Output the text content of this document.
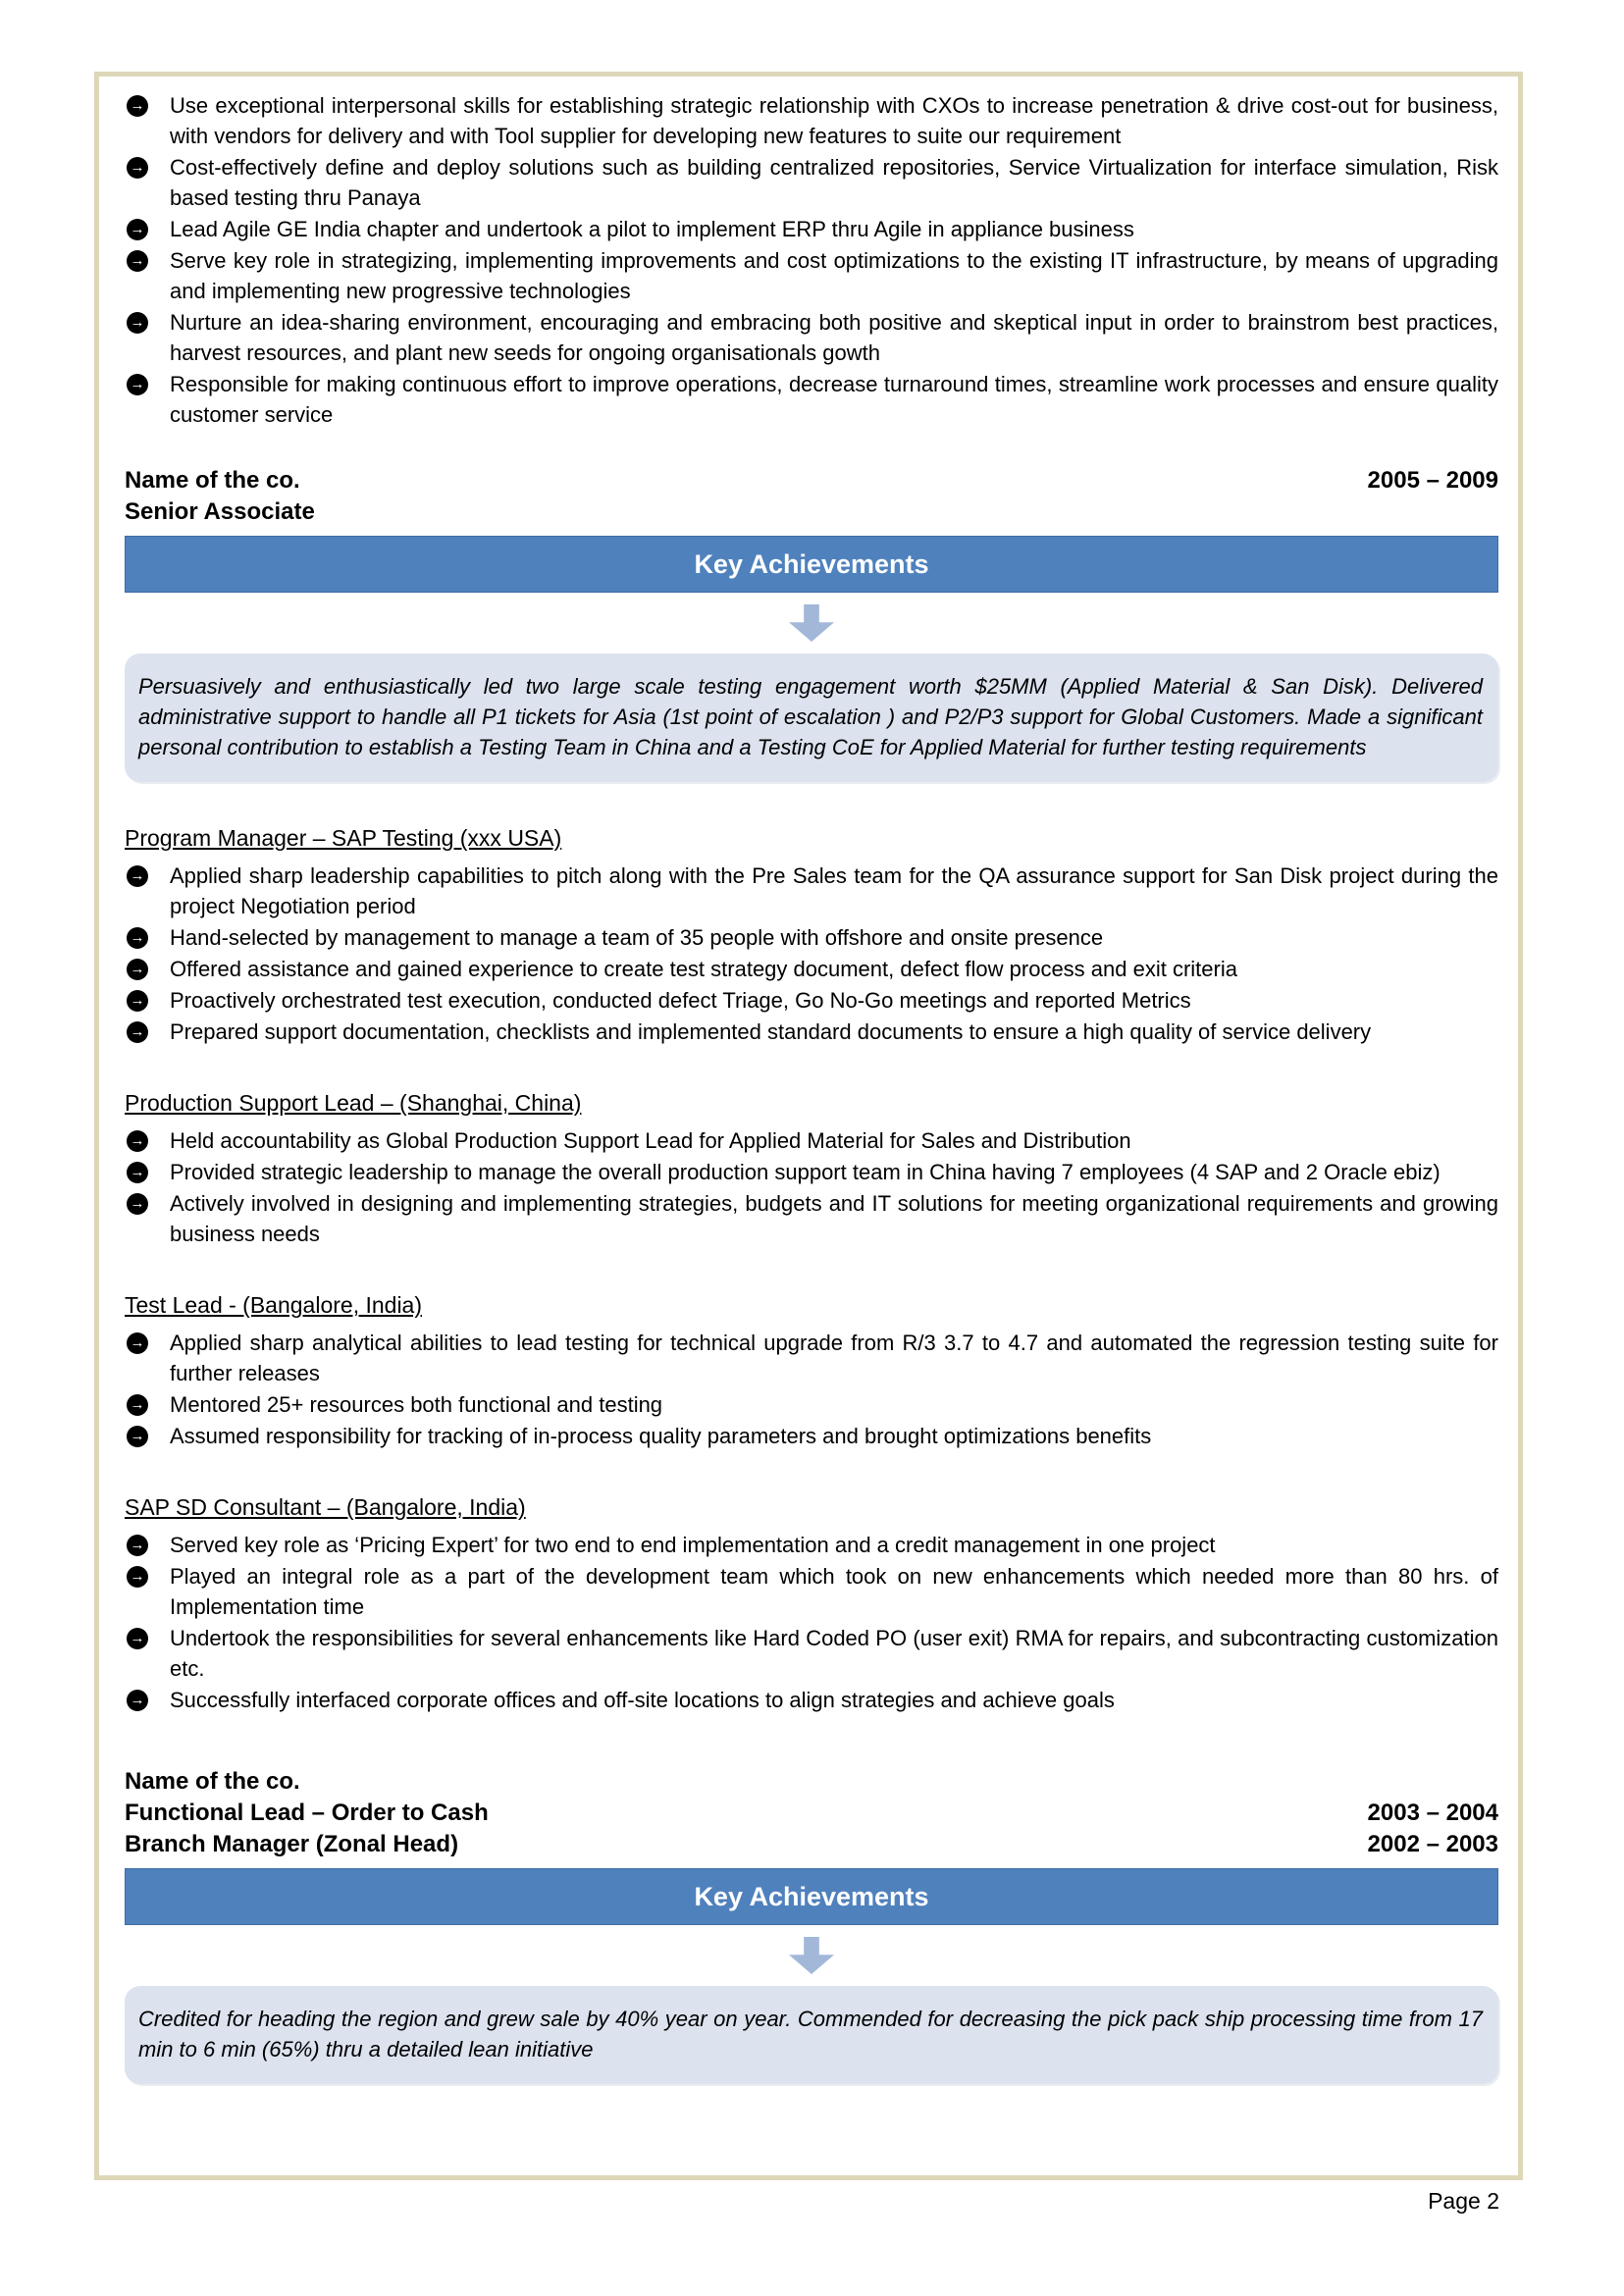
→ Use exceptional interpersonal skills for establishing strategic relationship with CXOs to increase penetration & drive cost-out for business, with vendors for delivery and with Tool supplier for developing new features to suite our requirement
→ Cost-effectively define and deploy solutions such as building centralized repositories, Service Virtualization for interface simulation, Risk based testing thru Panaya
→ Lead Agile GE India chapter and undertook a pilot to implement ERP thru Agile in appliance business
→ Serve key role in strategizing, implementing improvements and cost optimizations to the existing IT infrastructure, by means of upgrading and implementing new progressive technologies
→ Nurture an idea-sharing environment, encouraging and embracing both positive and skeptical input in order to brainstrom best practices, harvest resources, and plant new seeds for ongoing organisationals gowth
→ Responsible for making continuous effort to improve operations, decrease turnaround times, streamline work processes and ensure quality customer service
Name of the co.	2005 – 2009
Senior Associate
Key Achievements

Persuasively and enthusiastically led two large scale testing engagement worth $25MM (Applied Material & San Disk). Delivered administrative support to handle all P1 tickets for Asia (1st point of escalation ) and P2/P3 support for Global Customers. Made a significant personal contribution to establish a Testing Team in China and a Testing CoE for Applied Material for further testing requirements

Program Manager – SAP Testing (xxx USA)
→ Applied sharp leadership capabilities to pitch along with the Pre Sales team for the QA assurance support for San Disk project during the project Negotiation period
→ Hand-selected by management to manage a team of 35 people with offshore and onsite presence
→ Offered assistance and gained experience to create test strategy document, defect flow process and exit criteria
→ Proactively orchestrated test execution, conducted defect Triage, Go No-Go meetings and reported Metrics
→ Prepared support documentation, checklists and implemented standard documents to ensure a high quality of service delivery
Production Support Lead – (Shanghai, China)
→ Held accountability as Global Production Support Lead for Applied Material for Sales and Distribution
→ Provided strategic leadership to manage the overall production support team in China having 7 employees (4 SAP and 2 Oracle ebiz)
→ Actively involved in designing and implementing strategies, budgets and IT solutions for meeting organizational requirements and growing business needs
Test Lead - (Bangalore, India)
→ Applied sharp analytical abilities to lead testing for technical upgrade from R/3 3.7 to 4.7 and automated the regression testing suite for further releases
→ Mentored 25+ resources both functional and testing
→ Assumed responsibility for tracking of in-process quality parameters and brought optimizations benefits
SAP SD Consultant – (Bangalore, India)
→ Served key role as ‘Pricing Expert’ for two end to end implementation and a credit management in one project
→ Played an integral role as a part of the development team which took on new enhancements which needed more than 80 hrs. of Implementation time
→ Undertook the responsibilities for several enhancements like Hard Coded PO (user exit) RMA for repairs, and subcontracting customization etc.
→ Successfully interfaced corporate offices and off-site locations to align strategies and achieve goals
Name of the co.
Functional Lead – Order to Cash	2003 – 2004
Branch Manager (Zonal Head)	2002 – 2003
Key Achievements

Credited for heading the region and grew sale by 40% year on year. Commended for decreasing the pick pack ship processing time from 17 min to 6 min (65%) thru a detailed lean initiative

Page 2
